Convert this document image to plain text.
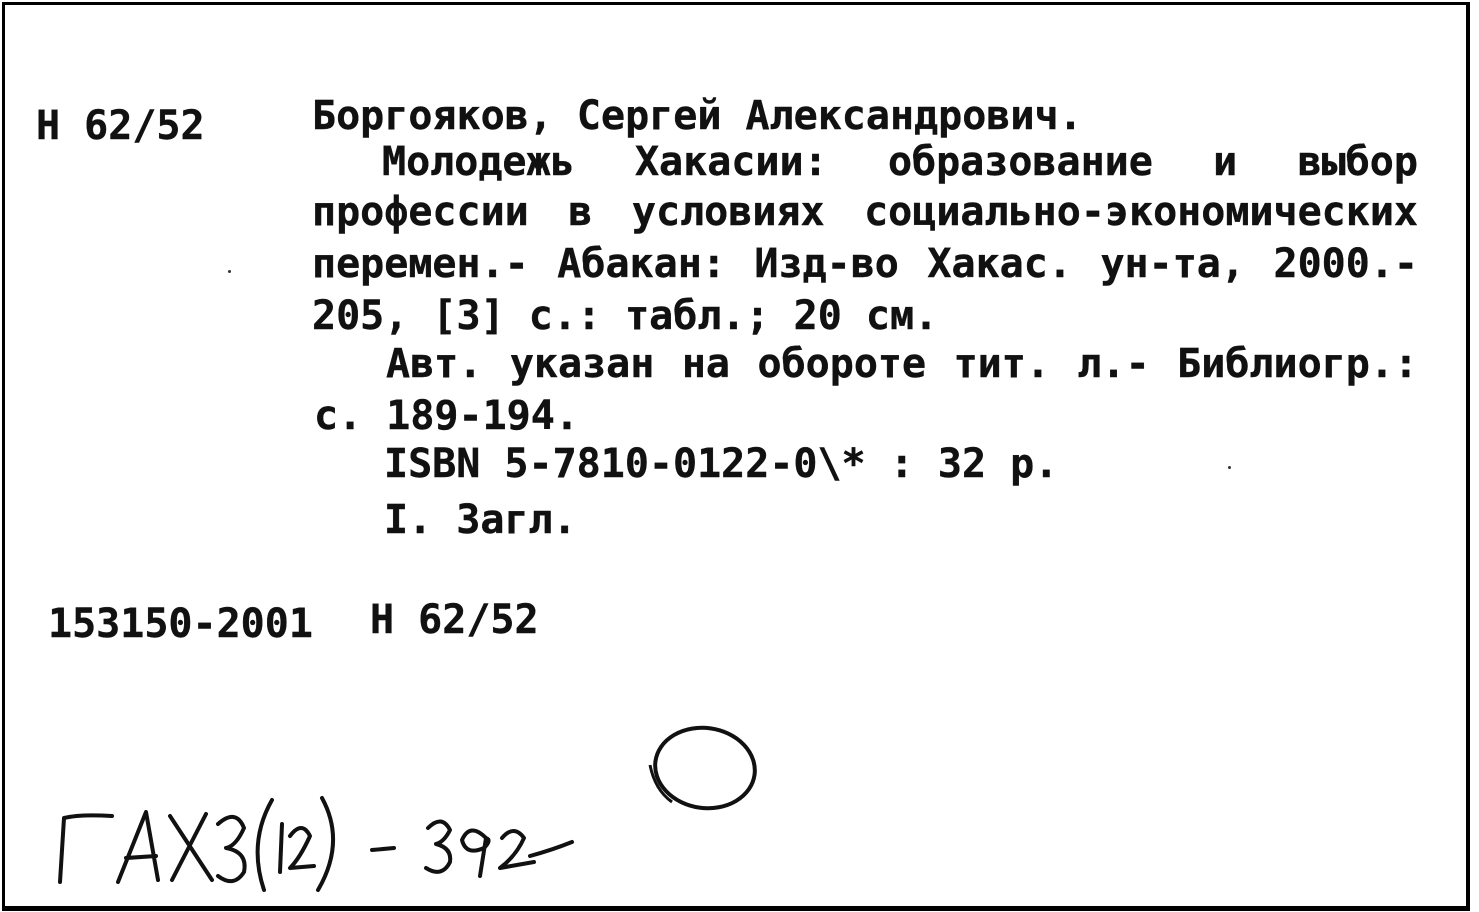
Н 62/52	Боргояков, Сергей Александрович.
Молодежь Хакасии: образование и выбор
профессии в условиях социально-экономических
перемен.- Абакан: Изд-во Хакас. ун-та, 2000.-
205, [3] с.: табл.; 20 см.
Авт. указан на обороте тит. л.- Библиогр.:
с. 189-194.
ISBN 5-7810-0122-0\* : 32 р.
I. Загл.
153150-2001 Н 62/52
